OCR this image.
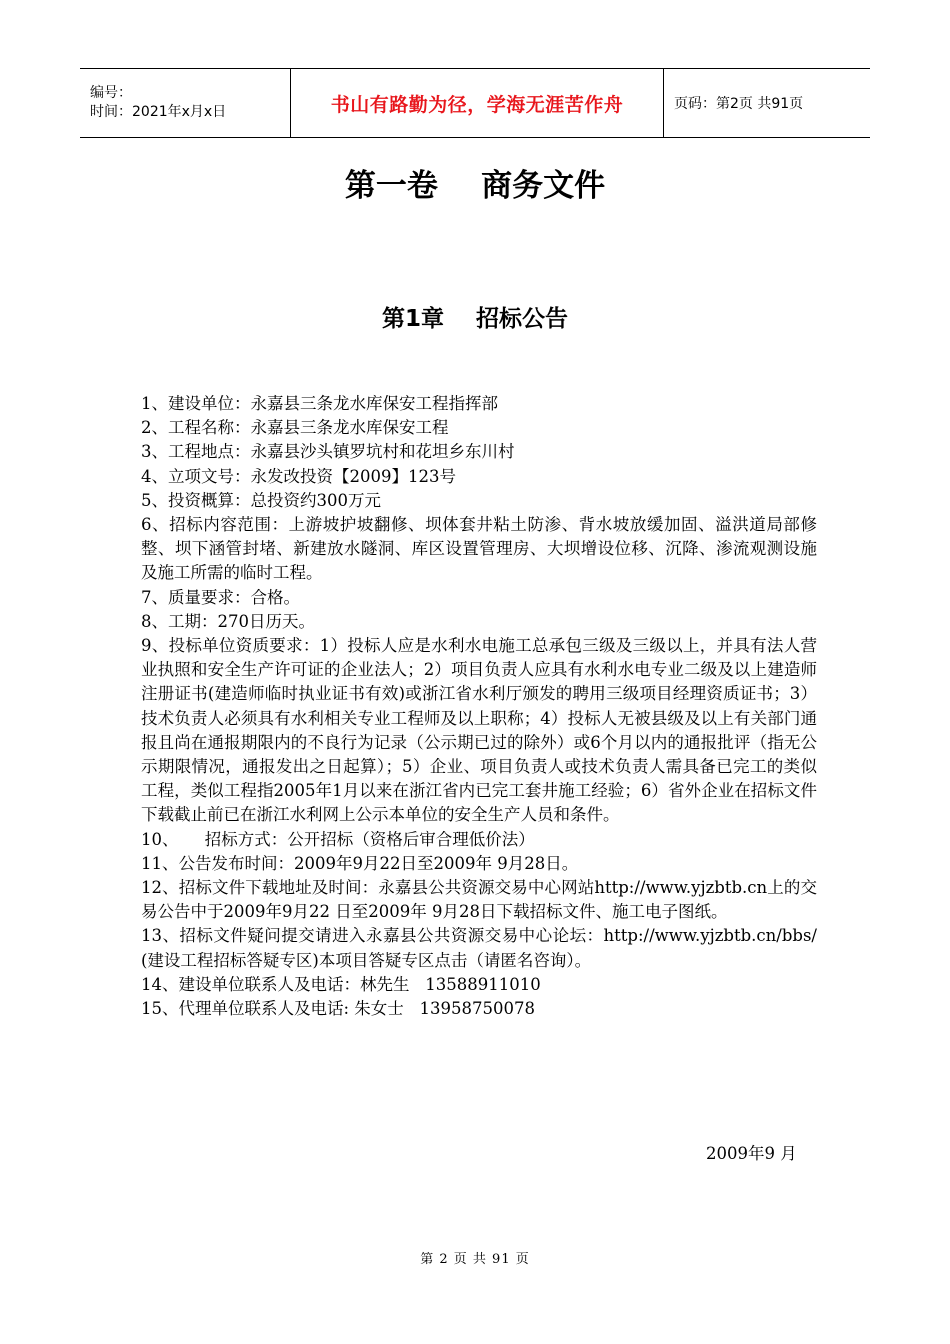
编号：
时间：2021年x月x日	书山有路勤为径，学海无涯苦作舟	页码：第2页 共91页
第一卷    商务文件
第1章    招标公告

1、建设单位：永嘉县三条龙水库保安工程指挥部

2、工程名称：永嘉县三条龙水库保安工程

3、工程地点：永嘉县沙头镇罗坑村和花坦乡东川村

4、立项文号：永发改投资【2009】123号

5、投资概算：总投资约300万元

6、招标内容范围：上游坡护坡翻修、坝体套井粘土防渗、背水坡放缓加固、溢洪道局部修整、坝下涵管封堵、新建放水隧洞、库区设置管理房、大坝增设位移、沉降、渗流观测设施及施工所需的临时工程。

7、质量要求：合格。

8、工期：270日历天。

9、投标单位资质要求：1）投标人应是水利水电施工总承包三级及三级以上，并具有法人营业执照和安全生产许可证的企业法人；2）项目负责人应具有水利水电专业二级及以上建造师注册证书(建造师临时执业证书有效)或浙江省水利厅颁发的聘用三级项目经理资质证书；3）技术负责人必须具有水利相关专业工程师及以上职称；4）投标人无被县级及以上有关部门通报且尚在通报期限内的不良行为记录（公示期已过的除外）或6个月以内的通报批评（指无公示期限情况，通报发出之日起算）；5）企业、项目负责人或技术负责人需具备已完工的类似工程，类似工程指2005年1月以来在浙江省内已完工套井施工经验；6）省外企业在招标文件下载截止前已在浙江水利网上公示本单位的安全生产人员和条件。

10、     招标方式：公开招标（资格后审合理低价法）

11、公告发布时间：2009年9月22日至2009年 9月28日。

12、招标文件下载地址及时间：永嘉县公共资源交易中心网站http://www.yjzbtb.cn上的交易公告中于2009年9月22 日至2009年 9月28日下载招标文件、施工电子图纸。

13、招标文件疑问提交请进入永嘉县公共资源交易中心论坛：http://www.yjzbtb.cn/bbs/(建设工程招标答疑专区)本项目答疑专区点击（请匿名咨询）。

14、建设单位联系人及电话：林先生   13588911010

15、代理单位联系人及电话: 朱女士   13958750078

2009年9 月
第 2 页 共 91 页
